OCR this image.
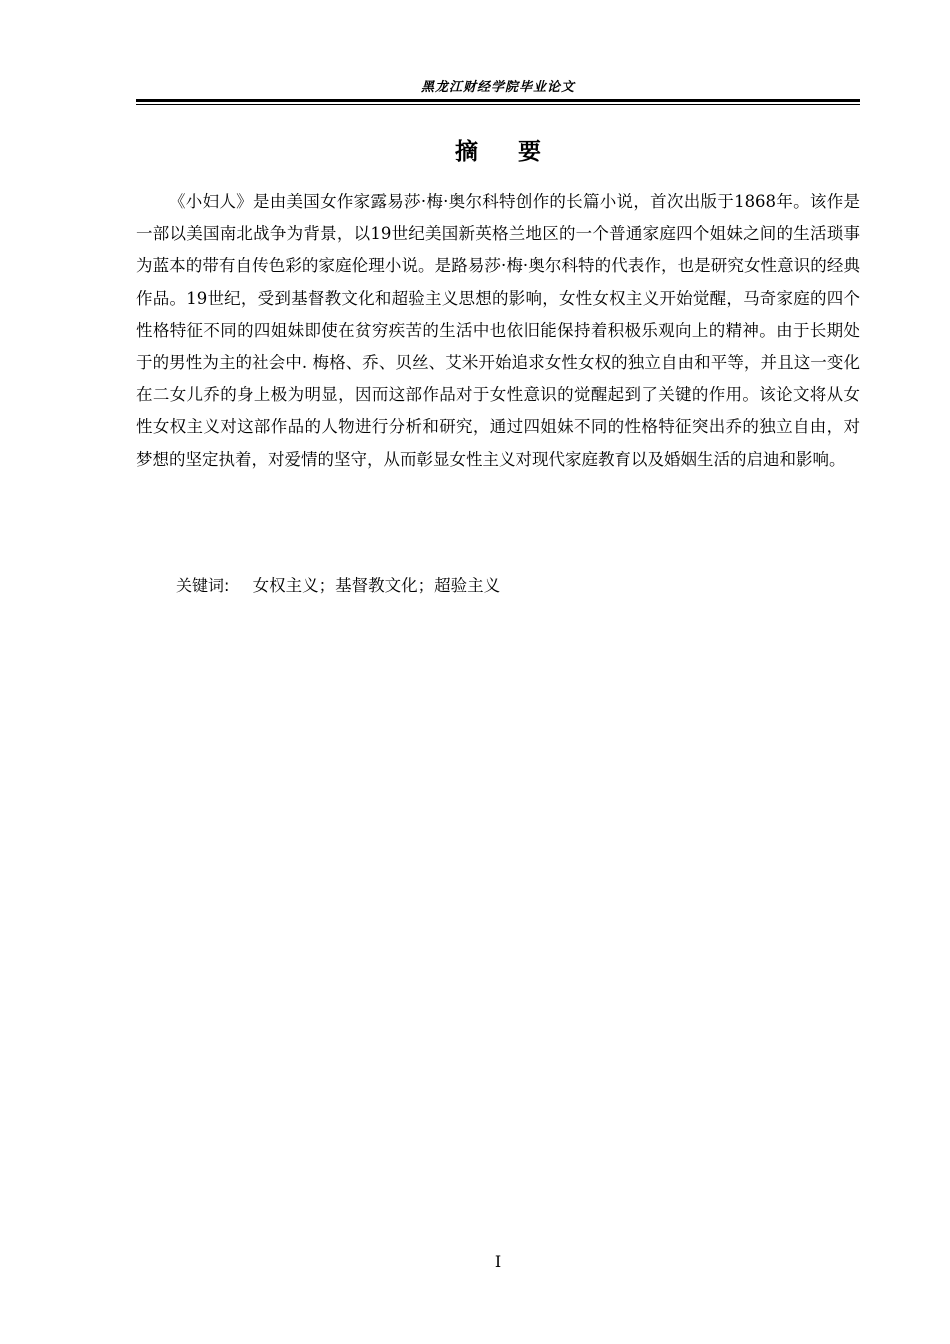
黑龙江财经学院毕业论文
摘要

《小妇人》是由美国女作家露易莎·梅·奥尔科特创作的长篇小说，首次出版于1868年。该作是一部以美国南北战争为背景，以19世纪美国新英格兰地区的一个普通家庭四个姐妹之间的生活琐事为蓝本的带有自传色彩的家庭伦理小说。是路易莎·梅·奥尔科特的代表作，也是研究女性意识的经典作品。19世纪，受到基督教文化和超验主义思想的影响，女性女权主义开始觉醒，马奇家庭的四个性格特征不同的四姐妹即使在贫穷疾苦的生活中也依旧能保持着积极乐观向上的精神。由于长期处于的男性为主的社会中. 梅格、乔、贝丝、艾米开始追求女性女权的独立自由和平等，并且这一变化在二女儿乔的身上极为明显，因而这部作品对于女性意识的觉醒起到了关键的作用。该论文将从女性女权主义对这部作品的人物进行分析和研究，通过四姐妹不同的性格特征突出乔的独立自由，对梦想的坚定执着，对爱情的坚守，从而彰显女性主义对现代家庭教育以及婚姻生活的启迪和影响。

关键词: 女权主义；基督教文化；超验主义
I
